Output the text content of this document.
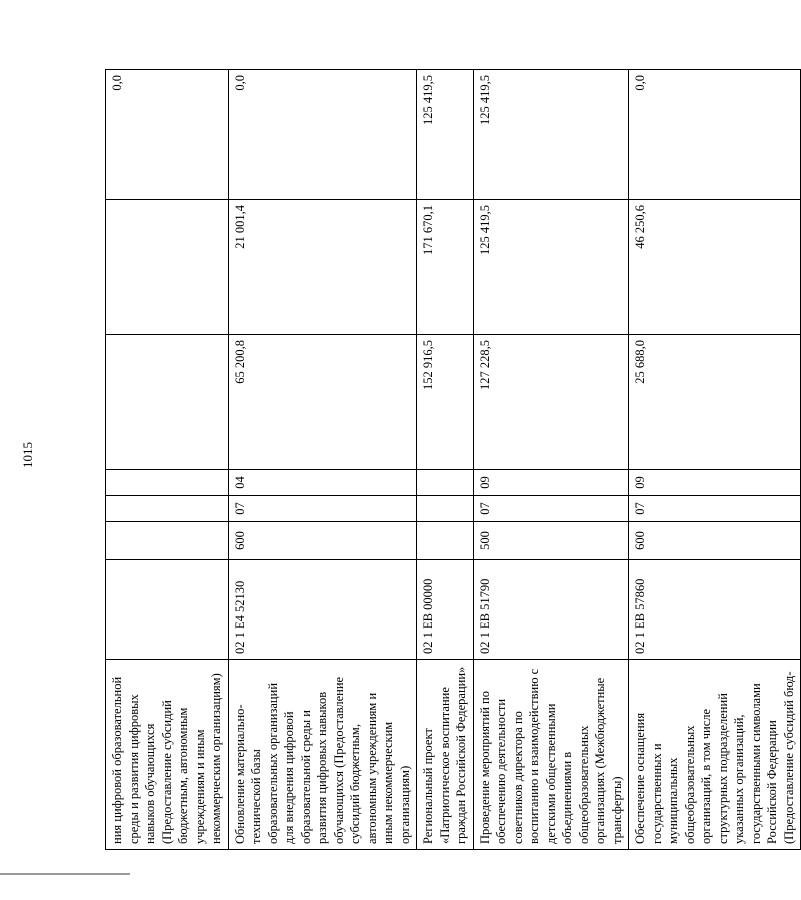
1015
ния цифровой образовательной среды и развития цифровых навыков обучающихся (Предоставление субсидий бюджетным, автономным учреждениям и иным некоммерческим организациям)							0,0
Обновление материально-технической базы образовательных организаций для внедрения цифровой образовательной среды и развития цифровых навыков обучающихся (Предоставление субсидий бюджетным, автономным учреждениям и иным некоммерческим организациям)	02 1 E4 52130	600	07	04	65 200,8	21 001,4	0,0
Региональный проект «Патриотическое воспитание граждан Российской Федерации»	02 1 EB 00000				152 916,5	171 670,1	125 419,5
Проведение мероприятий по обеспечению деятельности советников директора по воспитанию и взаимодействию с детскими общественными объединениями в общеобразовательных организациях (Межбюджетные трансферты)	02 1 EB 51790	500	07	09	127 228,5	125 419,5	125 419,5
Обеспечение оснащения государственных и муниципальных общеобразовательных организаций, в том числе структурных подразделений указанных организаций, государственными символами Российской Федерации (Предоставление субсидий бюд-	02 1 EB 57860	600	07	09	25 688,0	46 250,6	0,0
